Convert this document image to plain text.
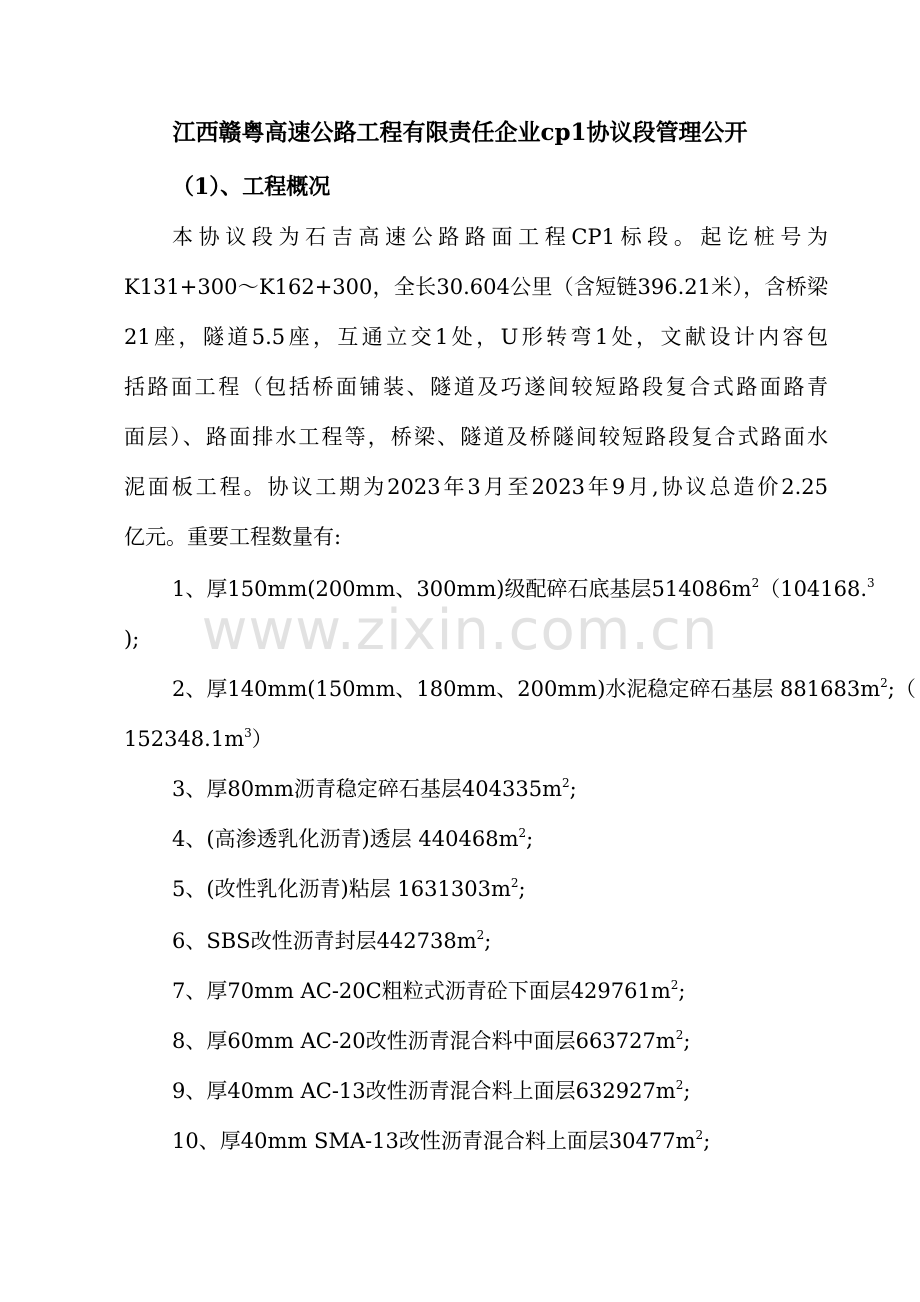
www.zixin.com.cn
江西赣粤高速公路工程有限责任企业cp1协议段管理公开
（1）、工程概况
本协议段为石吉高速公路路面工程CP1标段。起讫桩号为
K131+300～K162+300，全长30.604公里（含短链396.21米），含桥梁
21座，隧道5.5座，互通立交1处，U形转弯1处，文献设计内容包
括路面工程（包括桥面铺装、隧道及巧遂间较短路段复合式路面路青
面层）、路面排水工程等，桥梁、隧道及桥隧间较短路段复合式路面水
泥面板工程。协议工期为2023年3月至2023年9月,协议总造价2.25
亿元。重要工程数量有:
1、厚150mm(200mm、300mm)级配碎石底基层$514086m^2(104168.^3$
);
2、厚140mm(150mm、180mm、200mm)水泥稳定碎石基层 $881683m^2$;（
$152348.1m^3$）
3、厚80mm沥青稳定碎石基层$404335m^2$;
4、(高渗透乳化沥青)透层 $440468m^2$;
5、(改性乳化沥青)粘层 $1631303m^2$;
6、SBS改性沥青封层$442738m^2$;
7、厚70mm AC-20C粗粒式沥青砼下面层$429761m^2$;
8、厚60mm AC-20改性沥青混合料中面层$663727m^2$;
9、厚40mm AC-13改性沥青混合料上面层$632927m^2$;
10、厚40mm SMA-13改性沥青混合料上面层$30477m^2$;
